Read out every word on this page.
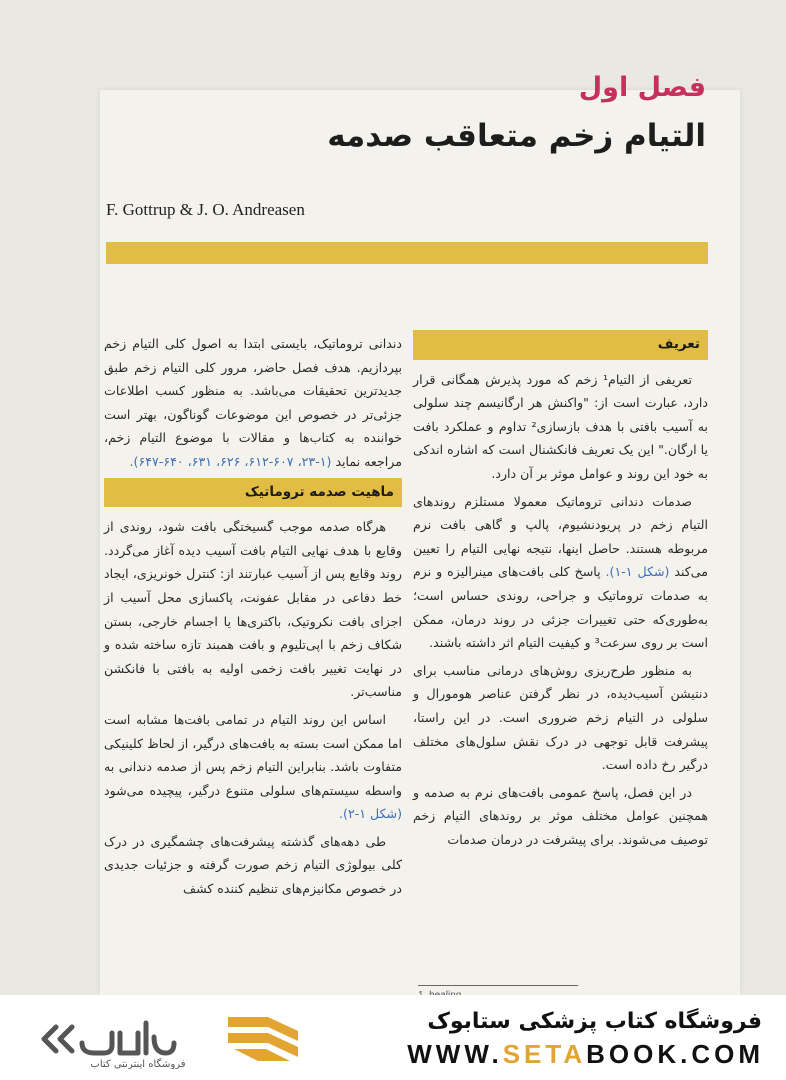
فصل اول
التیام زخم متعاقب صدمه
F. Gottrup & J. O. Andreasen
تعریف

تعریفی از التیام¹ زخم که مورد پذیرش همگانی قرار دارد، عبارت است از: "واکنش هر ارگانیسم چند سلولی به آسیب بافتی با هدف بازسازی² تداوم و عملکرد بافت یا ارگان." این یک تعریف فانکشنال است که اشاره اندکی به خود این روند و عوامل موثر بر آن دارد.

صدمات دندانی تروماتیک معمولا مستلزم روندهای التیام زخم در پریودنشیوم، پالپ و گاهی بافت نرم مربوطه هستند. حاصل اینها، نتیجه نهایی التیام را تعیین می‌کند (شکل ۱-۱). پاسخ کلی بافت‌های مینرالیزه و نرم به صدمات تروماتیک و جراحی، روندی حساس است؛ به‌طوری‌که حتی تغییرات جزئی در روند درمان، ممکن است بر روی سرعت³ و کیفیت التیام اثر داشته باشند.

به منظور طرح‌ریزی روش‌های درمانی مناسب برای دنتیشن آسیب‌دیده، در نظر گرفتن عناصر هومورال و سلولی در التیام زخم ضروری است. در این راستا، پیشرفت قابل توجهی در درک نقش سلول‌های مختلف درگیر رخ داده است.

در این فصل، پاسخ عمومی بافت‌های نرم به صدمه و همچنین عوامل مختلف موثر بر روندهای التیام زخم توصیف می‌شوند. برای پیشرفت در درمان صدمات

دندانی تروماتیک، بایستی ابتدا به اصول کلی التیام زخم بپردازیم. هدف فصل حاضر، مرور کلی التیام زخم طبق جدیدترین تحقیقات می‌باشد. به منظور کسب اطلاعات جزئی‌تر در خصوص این موضوعات گوناگون، بهتر است خواننده به کتاب‌ها و مقالات با موضوع التیام زخم، مراجعه نماید (۱-۲۳، ۶۰۷-۶۱۲، ۶۲۶، ۶۳۱، ۶۴۰-۶۴۷).

ماهیت صدمه تروماتیک

هرگاه صدمه موجب گسیختگی بافت شود، روندی از وقایع با هدف نهایی التیام بافت آسیب دیده آغاز می‌گردد. روند وقایع پس از آسیب عبارتند از: کنترل خونریزی، ایجاد خط دفاعی در مقابل عفونت، پاکسازی محل آسیب از اجزای بافت نکروتیک، باکتری‌ها یا اجسام خارجی، بستن شکاف زخم با اپی‌تلیوم و بافت همبند تازه ساخته شده و در نهایت تغییر بافت زخمی اولیه به بافتی با فانکشن مناسب‌تر.

اساس این روند التیام در تمامی بافت‌ها مشابه است اما ممکن است بسته به بافت‌های درگیر، از لحاظ کلینیکی متفاوت باشد. بنابراین التیام زخم پس از صدمه دندانی به واسطه سیستم‌های سلولی متنوع درگیر، پیچیده می‌شود (شکل ۱-۲).

طی دهه‌های گذشته پیشرفت‌های چشمگیری در درک کلی بیولوژی التیام زخم صورت گرفته و جزئیات جدیدی در خصوص مکانیزم‌های تنظیم کننده کشف

فروشگاه اینترنتی کتاب
فروشگاه کتاب پزشکی ستابوک
WWW.SETABOOK.COM
